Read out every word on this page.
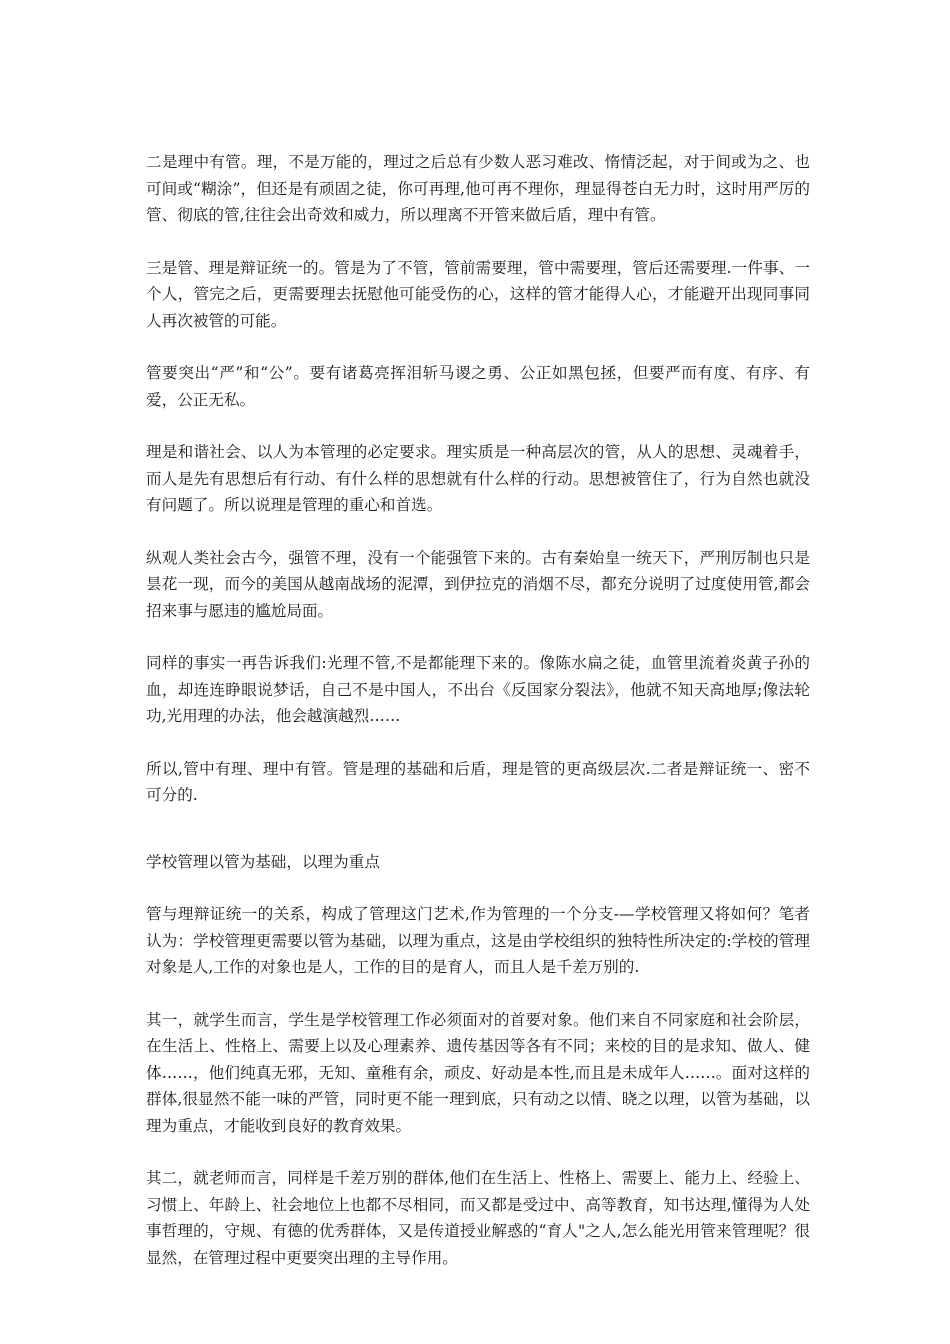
二是理中有管。理，不是万能的，理过之后总有少数人恶习难改、惰情泛起，对于间或为之、也可间或“糊涂”，但还是有顽固之徒，你可再理,他可再不理你，理显得苍白无力时，这时用严厉的管、彻底的管,往往会出奇效和威力，所以理离不开管来做后盾，理中有管。

三是管、理是辩证统一的。管是为了不管，管前需要理，管中需要理，管后还需要理.一件事、一个人，管完之后，更需要理去抚慰他可能受伤的心，这样的管才能得人心，才能避开出现同事同人再次被管的可能。

管要突出“严”和“公”。要有诸葛亮挥泪斩马谡之勇、公正如黑包拯，但要严而有度、有序、有爱，公正无私。

理是和谐社会、以人为本管理的必定要求。理实质是一种高层次的管，从人的思想、灵魂着手，而人是先有思想后有行动、有什么样的思想就有什么样的行动。思想被管住了，行为自然也就没有问题了。所以说理是管理的重心和首选。

纵观人类社会古今，强管不理，没有一个能强管下来的。古有秦始皇一统天下，严刑厉制也只是昙花一现，而今的美国从越南战场的泥潭，到伊拉克的消烟不尽，都充分说明了过度使用管,都会招来事与愿违的尴尬局面。

同样的事实一再告诉我们:光理不管,不是都能理下来的。像陈水扁之徒，血管里流着炎黄子孙的血，却连连睁眼说梦话，自己不是中国人，不出台《反国家分裂法》，他就不知天高地厚;像法轮功,光用理的办法，他会越演越烈……

所以,管中有理、理中有管。管是理的基础和后盾，理是管的更高级层次.二者是辩证统一、密不可分的.

学校管理以管为基础，以理为重点

管与理辩证统一的关系，构成了管理这门艺术,作为管理的一个分支-—学校管理又将如何？笔者认为：学校管理更需要以管为基础，以理为重点，这是由学校组织的独特性所决定的:学校的管理对象是人,工作的对象也是人，工作的目的是育人，而且人是千差万别的.

其一，就学生而言，学生是学校管理工作必须面对的首要对象。他们来自不同家庭和社会阶层，在生活上、性格上、需要上以及心理素养、遗传基因等各有不同；来校的目的是求知、做人、健体……，他们纯真无邪，无知、童稚有余，顽皮、好动是本性,而且是未成年人……。面对这样的群体,很显然不能一味的严管，同时更不能一理到底，只有动之以情、晓之以理，以管为基础，以理为重点，才能收到良好的教育效果。

其二，就老师而言，同样是千差万别的群体,他们在生活上、性格上、需要上、能力上、经验上、习惯上、年龄上、社会地位上也都不尽相同，而又都是受过中、高等教育，知书达理,懂得为人处事哲理的，守规、有德的优秀群体，又是传道授业解惑的“育人"之人,怎么能光用管来管理呢？很显然，在管理过程中更要突出理的主导作用。
